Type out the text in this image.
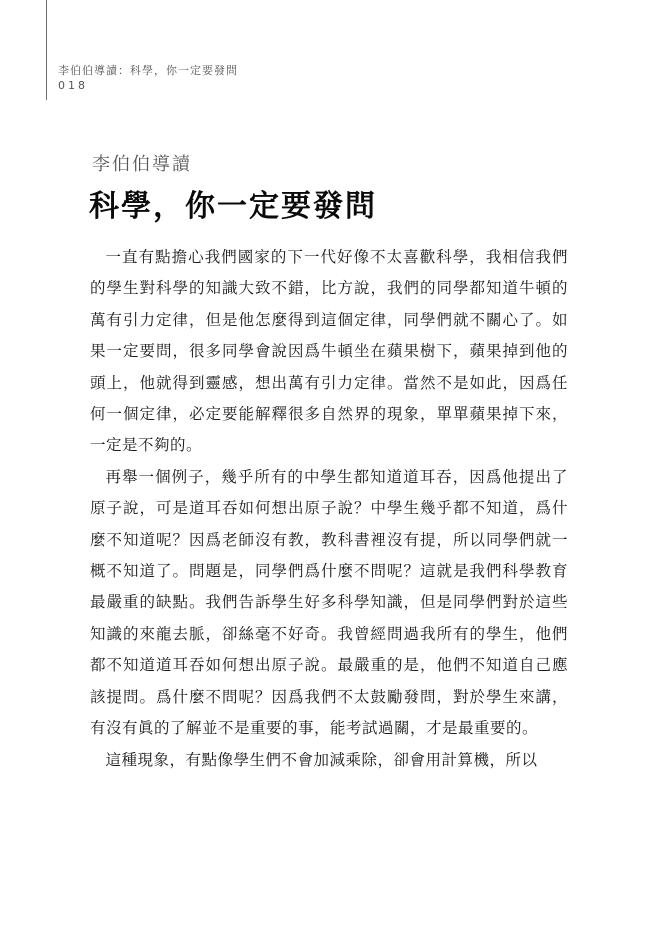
李伯伯導讀：科學，你一定要發問
018
李伯伯導讀
科學，你一定要發問

一直有點擔心我們國家的下一代好像不太喜歡科學，我相信我們的學生對科學的知識大致不錯，比方說，我們的同學都知道牛頓的萬有引力定律，但是他怎麼得到這個定律，同學們就不關心了。如果一定要問，很多同學會說因爲牛頓坐在蘋果樹下，蘋果掉到他的頭上，他就得到靈感，想出萬有引力定律。當然不是如此，因爲任何一個定律，必定要能解釋很多自然界的現象，單單蘋果掉下來，一定是不夠的。

再舉一個例子，幾乎所有的中學生都知道道耳吞，因爲他提出了原子說，可是道耳吞如何想出原子說？中學生幾乎都不知道，爲什麼不知道呢？因爲老師沒有教，教科書裡沒有提，所以同學們就一概不知道了。問題是，同學們爲什麼不問呢？這就是我們科學教育最嚴重的缺點。我們告訴學生好多科學知識，但是同學們對於這些知識的來龍去脈，卻絲毫不好奇。我曾經問過我所有的學生，他們都不知道道耳吞如何想出原子說。最嚴重的是，他們不知道自己應該提問。爲什麼不問呢？因爲我們不太鼓勵發問，對於學生來講，有沒有眞的了解並不是重要的事，能考試過關，才是最重要的。

這種現象，有點像學生們不會加減乘除，卻會用計算機，所以
